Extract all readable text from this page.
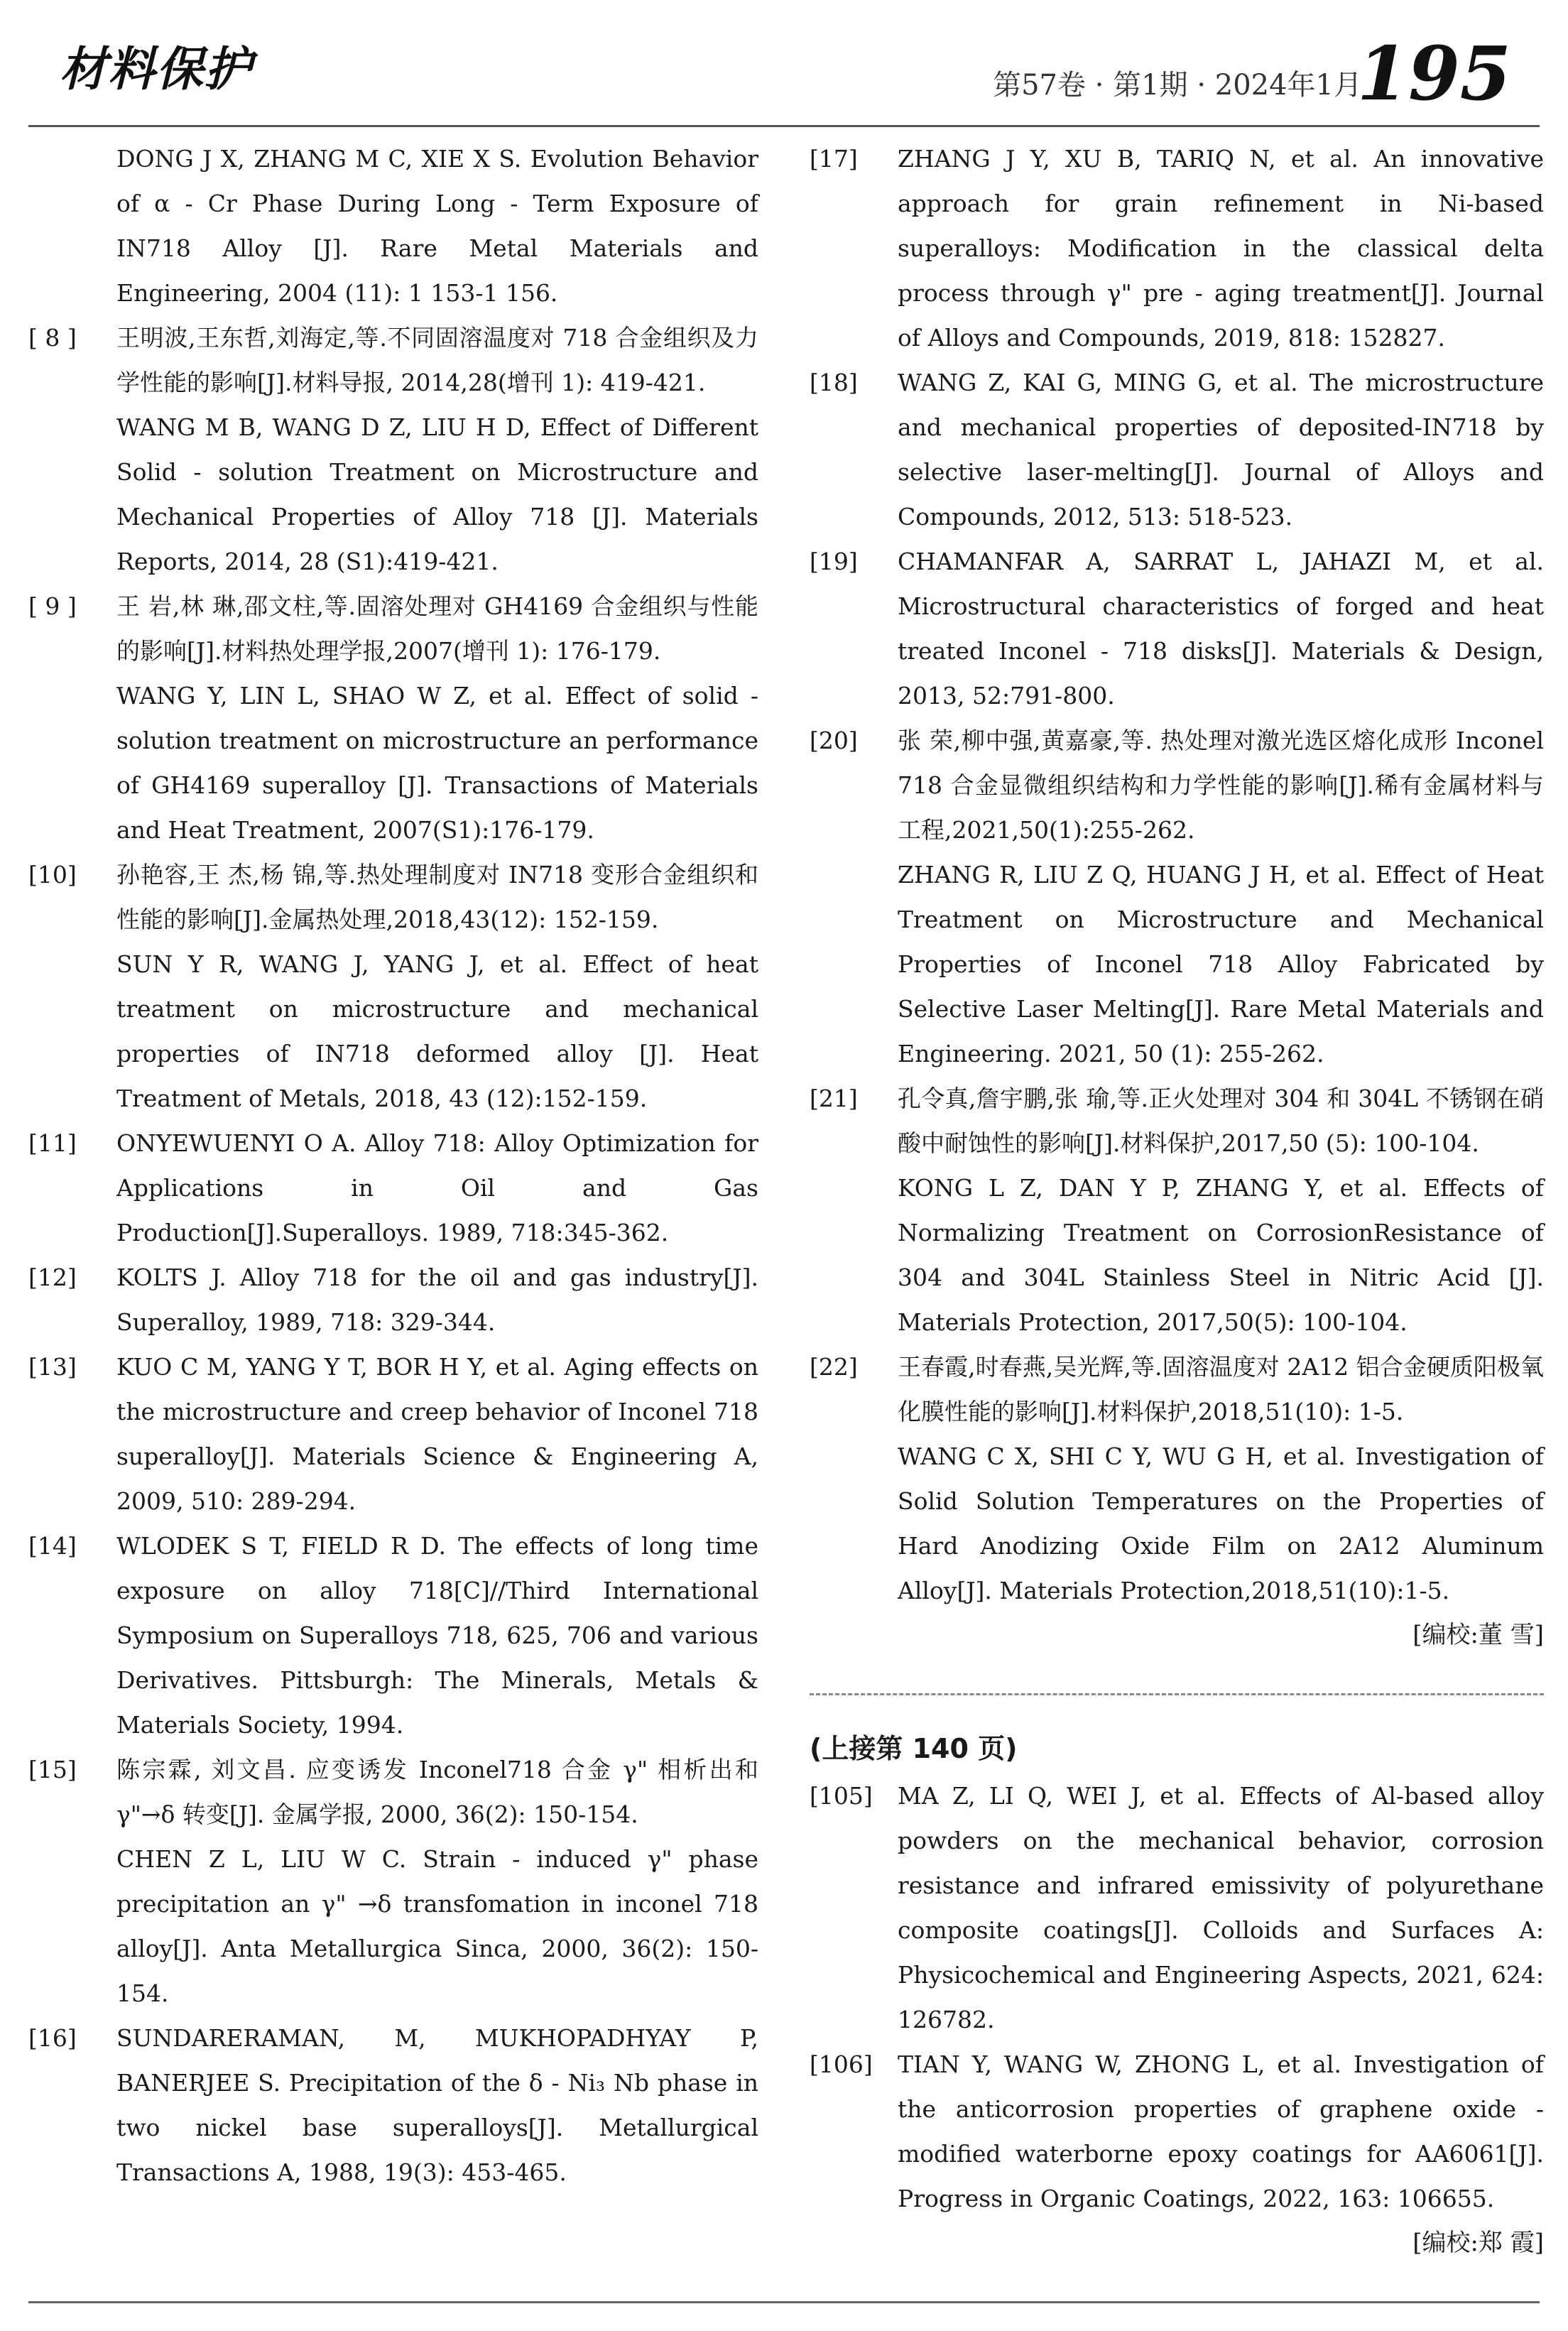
材料保护	第57卷 · 第1期 · 2024年1月
195

DONG J X, ZHANG M C, XIE X S. Evolution Behavior of α - Cr Phase During Long - Term Exposure of IN718 Alloy [J]. Rare Metal Materials and Engineering, 2004 (11): 1 153-1 156.

[ 8 ]	王明波,王东哲,刘海定,等.不同固溶温度对 718 合金组织及力学性能的影响[J].材料导报, 2014,28(增刊 1): 419-421.

WANG M B, WANG D Z, LIU H D, Effect of Different Solid - solution Treatment on Microstructure and Mechanical Properties of Alloy 718 [J]. Materials Reports, 2014, 28 (S1):419-421.

[ 9 ]	王 岩,林 琳,邵文柱,等.固溶处理对 GH4169 合金组织与性能的影响[J].材料热处理学报,2007(增刊 1): 176-179.

WANG Y, LIN L, SHAO W Z, et al. Effect of solid - solution treatment on microstructure an performance of GH4169 superalloy [J]. Transactions of Materials and Heat Treatment, 2007(S1):176-179.

[10]	孙艳容,王 杰,杨 锦,等.热处理制度对 IN718 变形合金组织和性能的影响[J].金属热处理,2018,43(12): 152-159.

SUN Y R, WANG J, YANG J, et al. Effect of heat treatment on microstructure and mechanical properties of IN718 deformed alloy [J]. Heat Treatment of Metals, 2018, 43 (12):152-159.

[11]	ONYEWUENYI O A. Alloy 718: Alloy Optimization for Applications in Oil and Gas Production[J].Superalloys. 1989, 718:345-362.

[12]	KOLTS J. Alloy 718 for the oil and gas industry[J]. Superalloy, 1989, 718: 329-344.

[13]	KUO C M, YANG Y T, BOR H Y, et al. Aging effects on the microstructure and creep behavior of Inconel 718 superalloy[J]. Materials Science & Engineering A, 2009, 510: 289-294.

[14]	WLODEK S T, FIELD R D. The effects of long time exposure on alloy 718[C]//Third International Symposium on Superalloys 718, 625, 706 and various Derivatives. Pittsburgh: The Minerals, Metals & Materials Society, 1994.

[15]	陈宗霖, 刘文昌. 应变诱发 Inconel718 合金 γ" 相析出和 γ"→δ 转变[J]. 金属学报, 2000, 36(2): 150-154.

CHEN Z L, LIU W C. Strain - induced γ" phase precipitation an γ" →δ transfomation in inconel 718 alloy[J]. Anta Metallurgica Sinca, 2000, 36(2): 150-154.

[16]	SUNDARERAMAN, M, MUKHOPADHYAY P, BANERJEE S. Precipitation of the δ - Ni₃ Nb phase in two nickel base superalloys[J]. Metallurgical Transactions A, 1988, 19(3): 453-465.

[17]	ZHANG J Y, XU B, TARIQ N, et al. An innovative approach for grain refinement in Ni-based superalloys: Modification in the classical delta process through γ" pre - aging treatment[J]. Journal of Alloys and Compounds, 2019, 818: 152827.

[18]	WANG Z, KAI G, MING G, et al. The microstructure and mechanical properties of deposited-IN718 by selective laser-melting[J]. Journal of Alloys and Compounds, 2012, 513: 518-523.

[19]	CHAMANFAR A, SARRAT L, JAHAZI M, et al. Microstructural characteristics of forged and heat treated Inconel - 718 disks[J]. Materials & Design, 2013, 52:791-800.

[20]	张 荣,柳中强,黄嘉豪,等. 热处理对激光选区熔化成形 Inconel 718 合金显微组织结构和力学性能的影响[J].稀有金属材料与工程,2021,50(1):255-262.

ZHANG R, LIU Z Q, HUANG J H, et al. Effect of Heat Treatment on Microstructure and Mechanical Properties of Inconel 718 Alloy Fabricated by Selective Laser Melting[J]. Rare Metal Materials and Engineering. 2021, 50 (1): 255-262.

[21]	孔令真,詹宇鹏,张 瑜,等.正火处理对 304 和 304L 不锈钢在硝酸中耐蚀性的影响[J].材料保护,2017,50 (5): 100-104.

KONG L Z, DAN Y P, ZHANG Y, et al. Effects of Normalizing Treatment on CorrosionResistance of 304 and 304L Stainless Steel in Nitric Acid [J]. Materials Protection, 2017,50(5): 100-104.

[22]	王春霞,时春燕,吴光辉,等.固溶温度对 2A12 铝合金硬质阳极氧化膜性能的影响[J].材料保护,2018,51(10): 1-5.

WANG C X, SHI C Y, WU G H, et al. Investigation of Solid Solution Temperatures on the Properties of Hard Anodizing Oxide Film on 2A12 Aluminum Alloy[J]. Materials Protection,2018,51(10):1-5.

[编校:董 雪]
(上接第 140 页)
[105]	MA Z, LI Q, WEI J, et al. Effects of Al-based alloy powders on the mechanical behavior, corrosion resistance and infrared emissivity of polyurethane composite coatings[J]. Colloids and Surfaces A: Physicochemical and Engineering Aspects, 2021, 624: 126782.

[106]	TIAN Y, WANG W, ZHONG L, et al. Investigation of the anticorrosion properties of graphene oxide - modified waterborne epoxy coatings for AA6061[J]. Progress in Organic Coatings, 2022, 163: 106655.

[编校:郑 霞]
